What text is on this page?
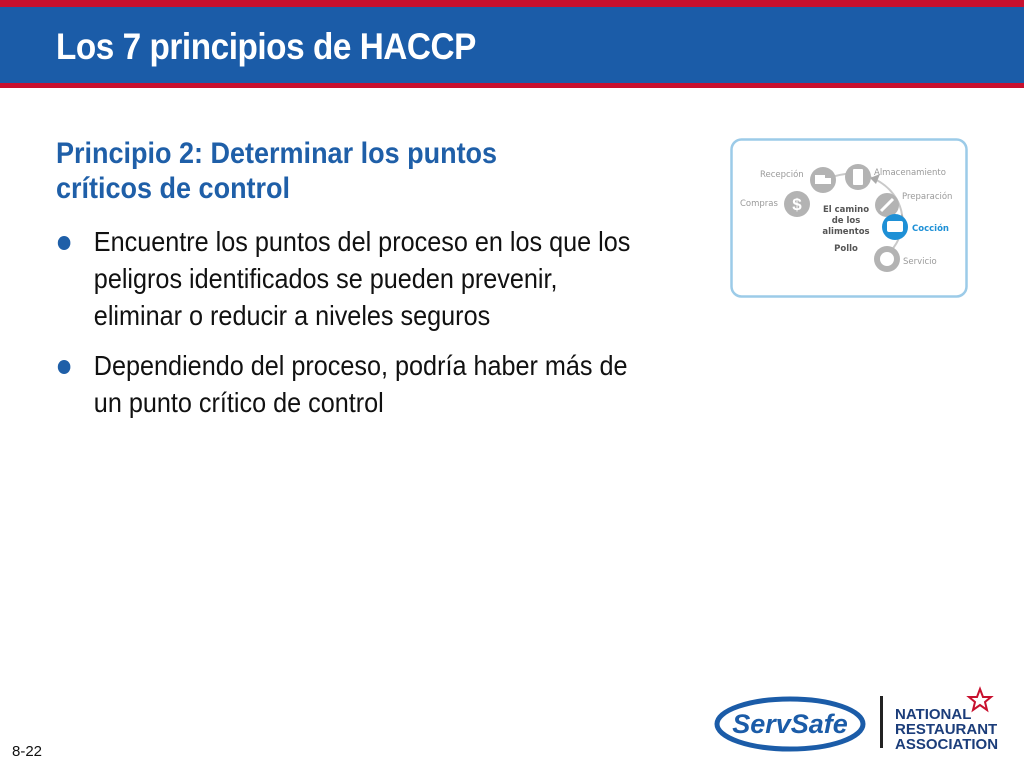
Los 7 principios de HACCP
Principio 2: Determinar los puntos críticos de control
Encuentre los puntos del proceso en los que los peligros identificados se pueden prevenir, eliminar o reducir a niveles seguros
Dependiendo del proceso, podría haber más de un punto crítico de control
$
Recepción	Almacenamiento
Preparación
Cocción
Servicio
Compras
El camino
de los
alimentos
Pollo
8-22
ServSafe	NATIONAL
RESTAURANT
ASSOCIATION
